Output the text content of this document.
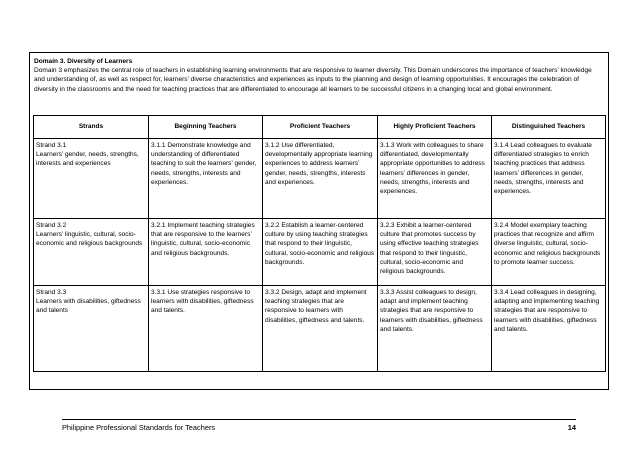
Domain 3. Diversity of Learners
Domain 3 emphasizes the central role of teachers in establishing learning environments that are responsive to learner diversity. This Domain underscores the importance of teachers’ knowledge and understanding of, as well as respect for, learners’ diverse characteristics and experiences as inputs to the planning and design of learning opportunities. It encourages the celebration of diversity in the classrooms and the need for teaching practices that are differentiated to encourage all learners to be successful citizens in a changing local and global environment.
Strands	Beginning Teachers	Proficient Teachers	Highly Proficient Teachers	Distinguished Teachers

Strand 3.1
Learners’ gender, needs, strengths, interests and experiences	3.1.1 Demonstrate knowledge and understanding of differentiated teaching to suit the learners’ gender, needs, strengths, interests and experiences.	3.1.2 Use differentiated, developmentally appropriate learning experiences to address learners’ gender, needs, strengths, interests and experiences.	3.1.3 Work with colleagues to share differentiated, developmentally appropriate opportunities to address learners’ differences in gender, needs, strengths, interests and experiences.	3.1.4 Lead colleagues to evaluate differentiated strategies to enrich teaching practices that address learners’ differences in gender, needs, strengths, interests and experiences.

Strand 3.2
Learners’ linguistic, cultural, socio-economic and religious backgrounds	3.2.1 Implement teaching strategies that are responsive to the learners’ linguistic, cultural, socio-economic and religious backgrounds.	3.2.2 Establish a learner-centered culture by using teaching strategies that respond to their linguistic, cultural, socio-economic and religious backgrounds.	3.2.3 Exhibit a learner-centered culture that promotes success by using effective teaching strategies that respond to their linguistic, cultural, socio-economic and religious backgrounds.	3.2.4 Model exemplary teaching practices that recognize and affirm diverse linguistic, cultural, socio-economic and religious backgrounds to promote learner success.

Strand 3.3
Learners with disabilities, giftedness and talents	3.3.1 Use strategies responsive to learners with disabilities, giftedness and talents.	3.3.2 Design, adapt and implement teaching strategies that are responsive to learners with disabilities, giftedness and talents.	3.3.3 Assist colleagues to design, adapt and implement teaching strategies that are responsive to learners with disabilities, giftedness and talents.	3.3.4 Lead colleagues in designing, adapting and implementing teaching strategies that are responsive to learners with disabilities, giftedness and talents.
Philippine Professional Standards for Teachers	14
